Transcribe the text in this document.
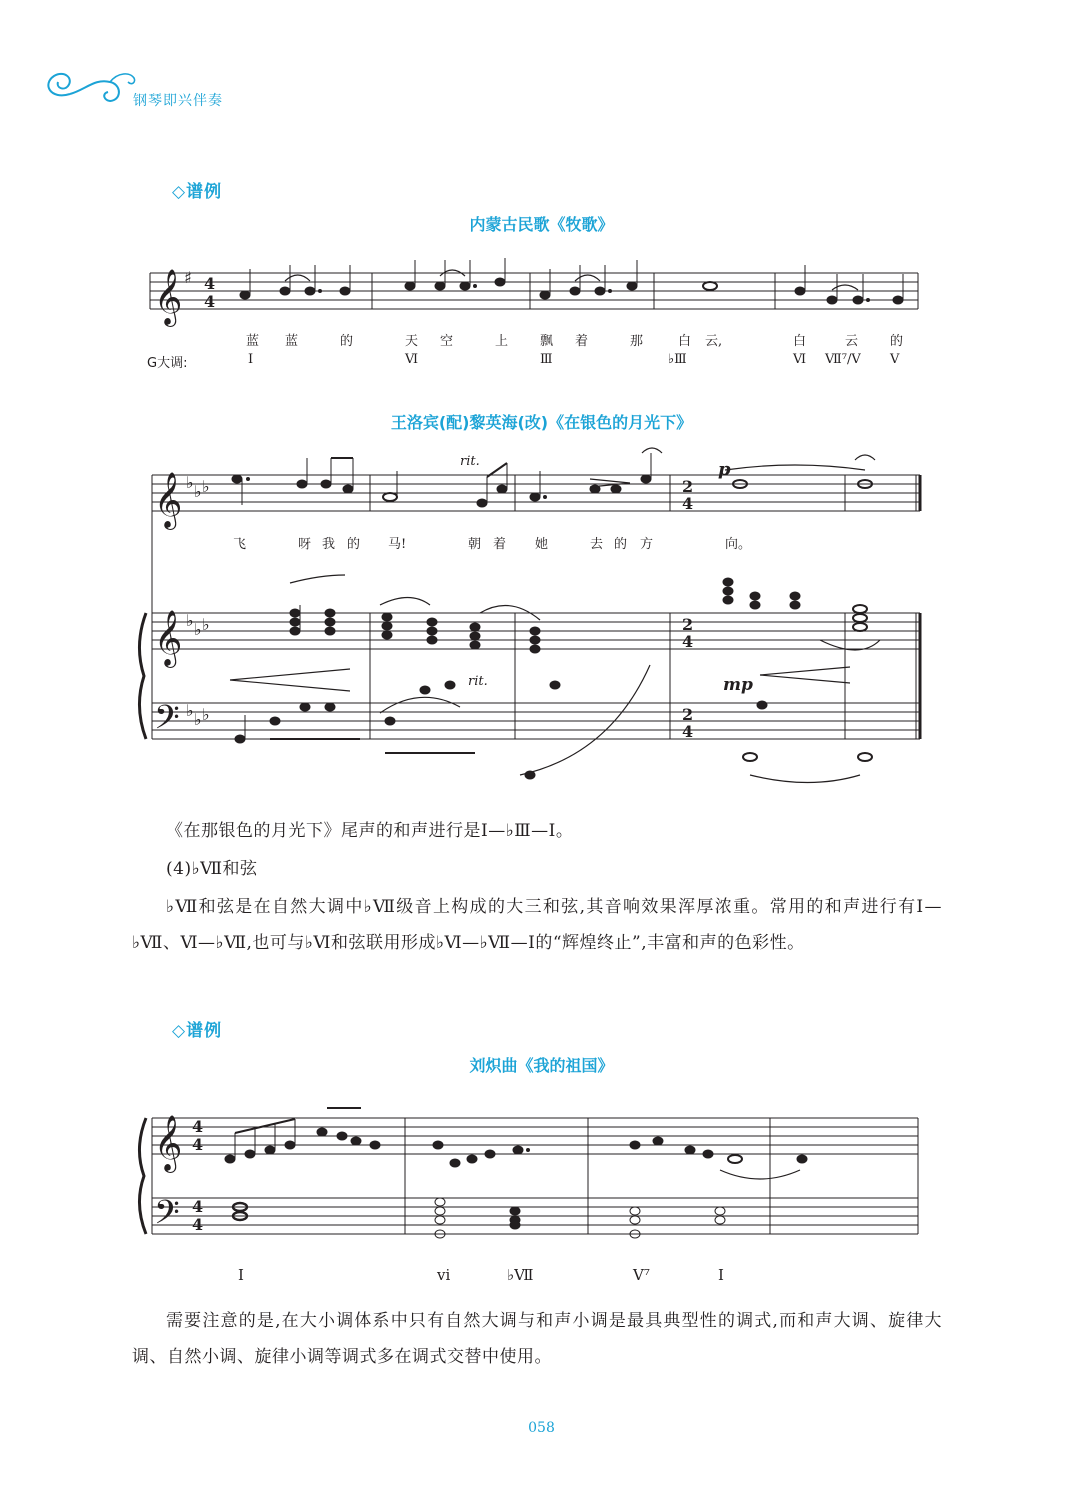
钢琴即兴伴奏
◇谱例
内蒙古民歌《牧歌》
𝄞 ♯ 4
4
蓝 蓝	的	天 空	上 飘 着	那	白 云,	白	云 的
G大调:	Ⅰ	Ⅵ	Ⅲ	♭Ⅲ	Ⅵ Ⅶ⁷/Ⅴ Ⅴ
王洛宾(配)黎英海(改)《在银色的月光下》
𝄞
𝄞
𝄢
♭ ♭ ♭
♭ ♭ ♭
♭ ♭ ♭
2
4
2
4
2
4
rit.
rit.
p
mp
飞	呀 我 的 马!	朝 着 她	去 的 方	向。
《在那银色的月光下》尾声的和声进行是Ⅰ—♭Ⅲ—Ⅰ。
(4)♭Ⅶ和弦
♭Ⅶ和弦是在自然大调中♭Ⅶ级音上构成的大三和弦,其音响效果浑厚浓重。常用的和声进行有Ⅰ—♭Ⅶ、Ⅵ—♭Ⅶ,也可与♭Ⅵ和弦联用形成♭Ⅵ—♭Ⅶ—Ⅰ的“辉煌终止”,丰富和声的色彩性。
◇谱例
刘炽曲《我的祖国》
𝄞
𝄢
4
4
4
4
Ⅰ	vi	♭Ⅶ	V⁷	Ⅰ
需要注意的是,在大小调体系中只有自然大调与和声小调是最具典型性的调式,而和声大调、旋律大调、自然小调、旋律小调等调式多在调式交替中使用。
058
